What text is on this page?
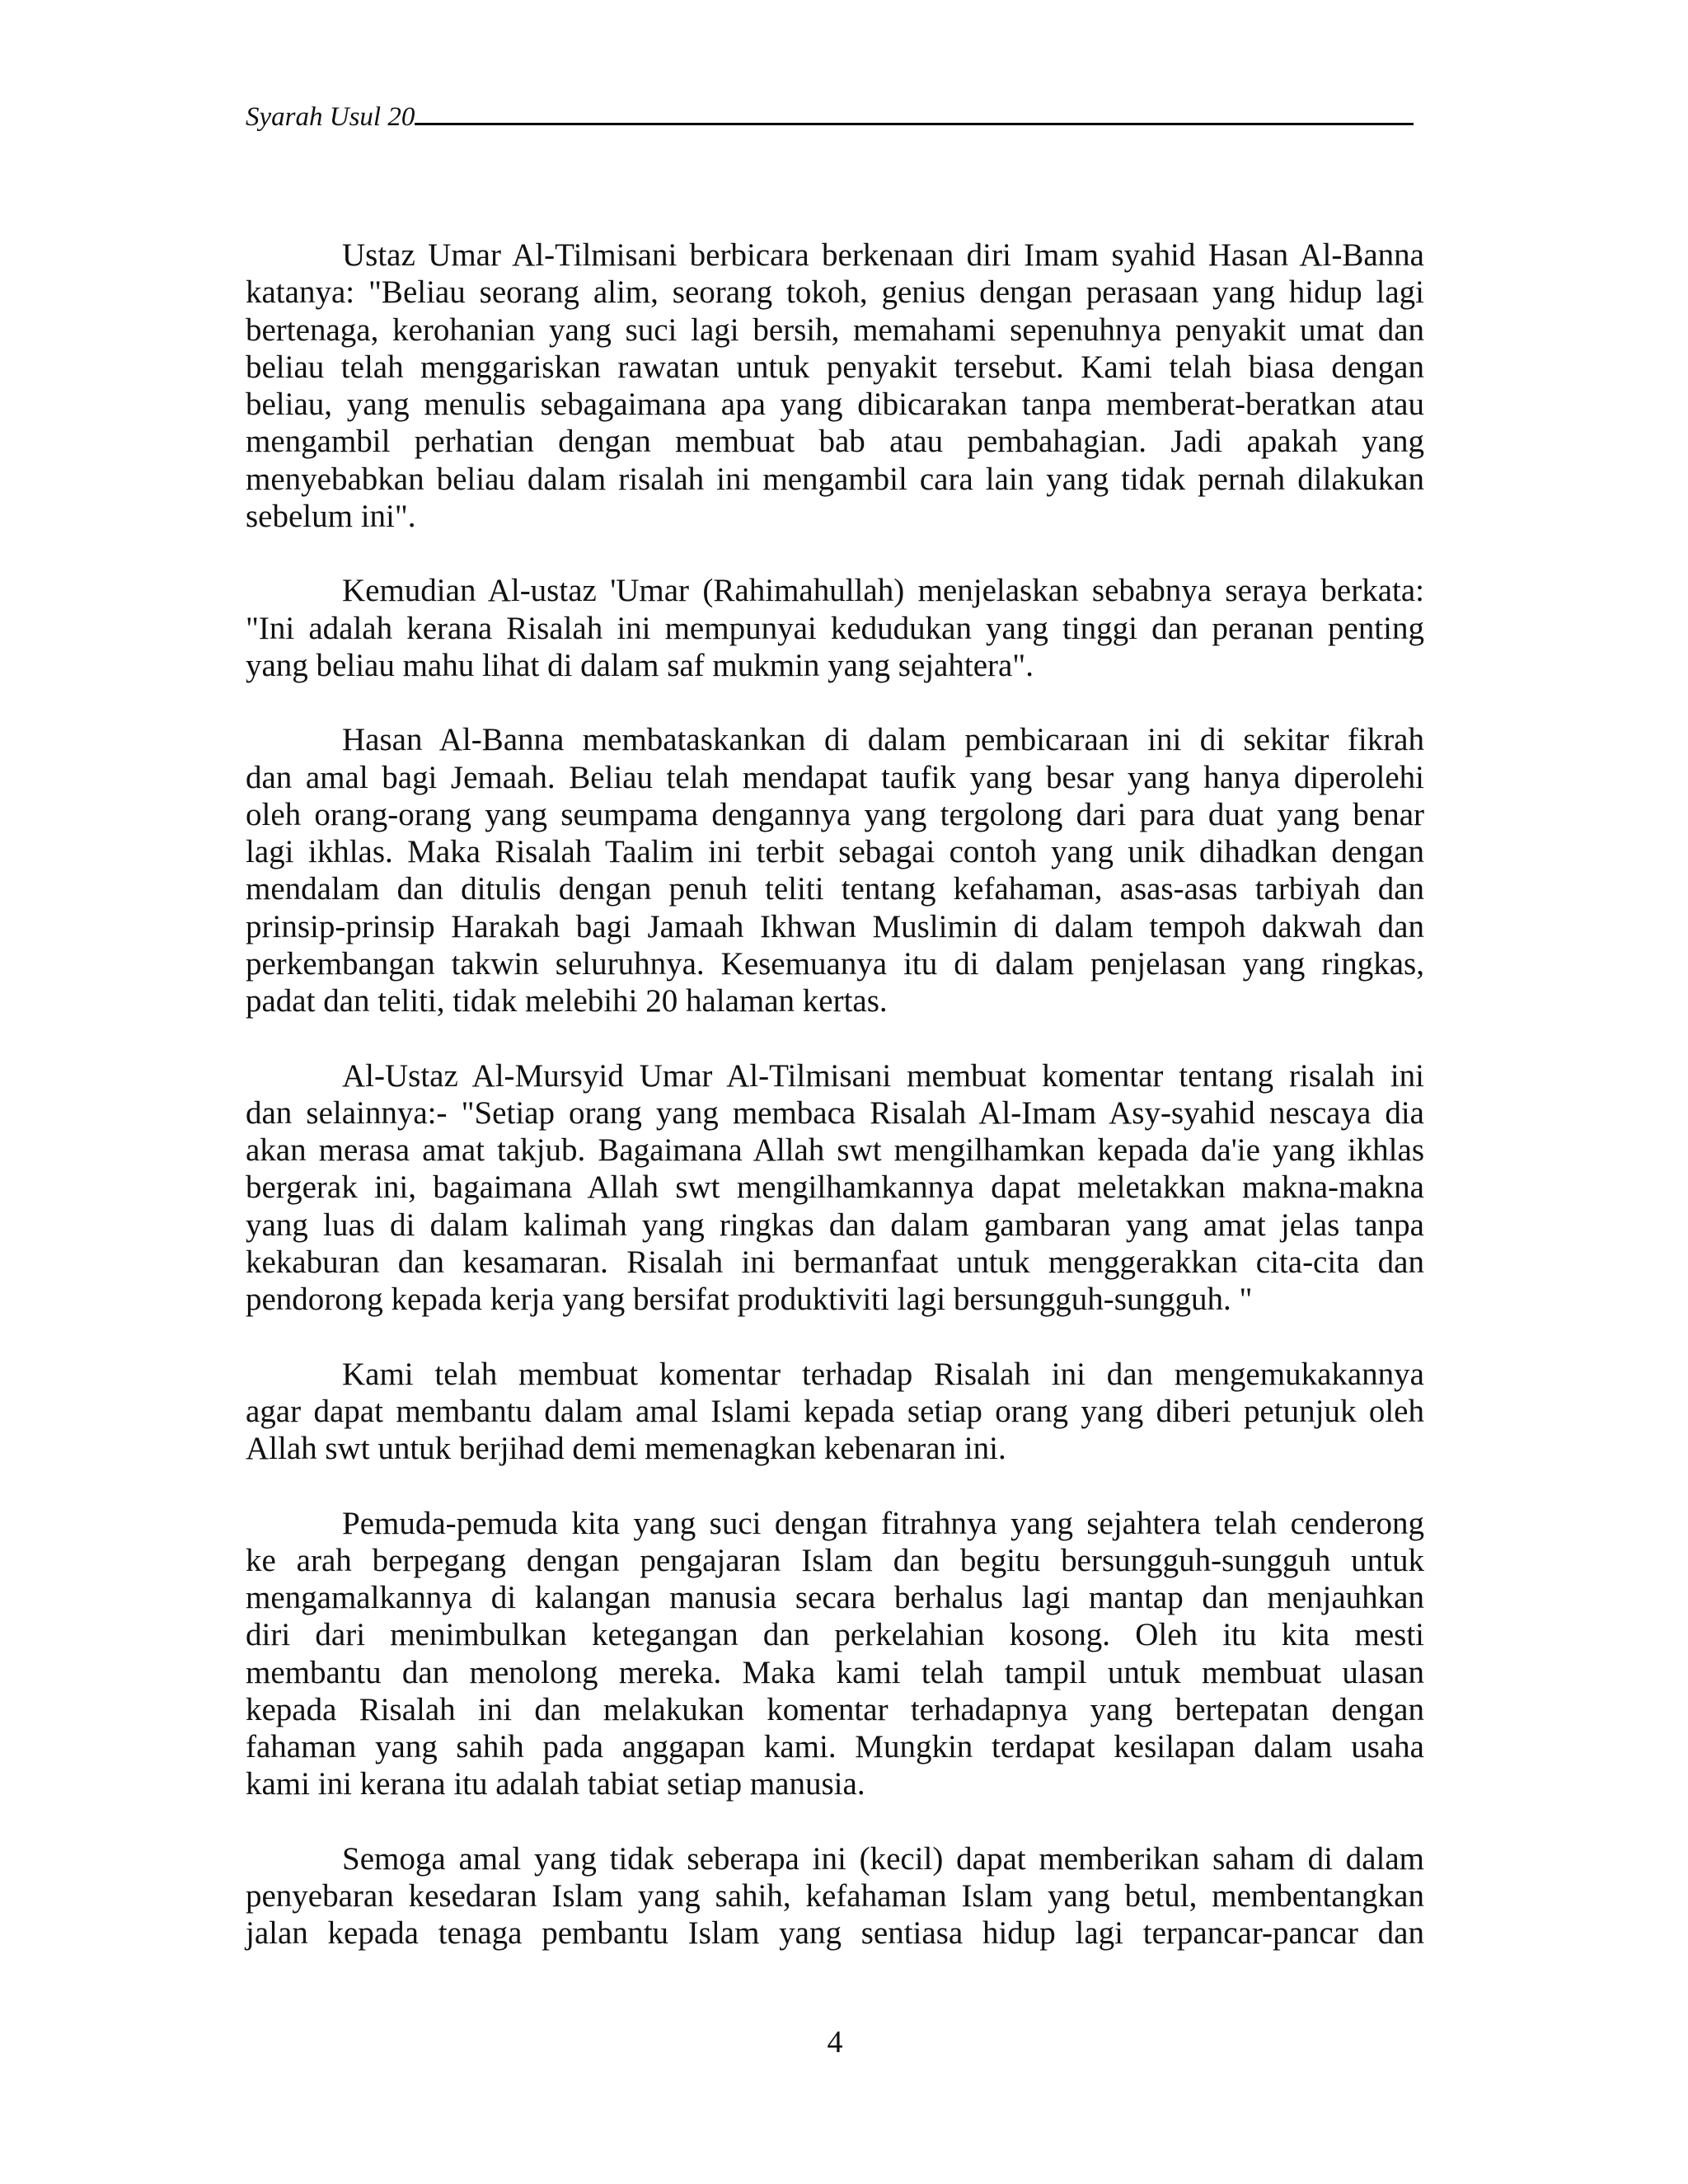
Syarah Usul 20
Ustaz Umar Al-Tilmisani berbicara berkenaan diri Imam syahid Hasan Al-Banna
katanya: "Beliau seorang alim, seorang tokoh, genius dengan perasaan yang hidup lagi
bertenaga, kerohanian yang suci lagi bersih, memahami sepenuhnya penyakit umat dan
beliau telah menggariskan rawatan untuk penyakit tersebut. Kami telah biasa dengan
beliau, yang menulis sebagaimana apa yang dibicarakan tanpa memberat-beratkan atau
mengambil perhatian dengan membuat bab atau pembahagian. Jadi apakah yang
menyebabkan beliau dalam risalah ini mengambil cara lain yang tidak pernah dilakukan
sebelum ini".
Kemudian Al-ustaz 'Umar (Rahimahullah) menjelaskan sebabnya seraya berkata:
"Ini adalah kerana Risalah ini mempunyai kedudukan yang tinggi dan peranan penting
yang beliau mahu lihat di dalam saf mukmin yang sejahtera".
Hasan Al-Banna membataskankan di dalam pembicaraan ini di sekitar fikrah
dan amal bagi Jemaah. Beliau telah mendapat taufik yang besar yang hanya diperolehi
oleh orang-orang yang seumpama dengannya yang tergolong dari para duat yang benar
lagi ikhlas. Maka Risalah Taalim ini terbit sebagai contoh yang unik dihadkan dengan
mendalam dan ditulis dengan penuh teliti tentang kefahaman, asas-asas tarbiyah dan
prinsip-prinsip Harakah bagi Jamaah Ikhwan Muslimin di dalam tempoh dakwah dan
perkembangan takwin seluruhnya. Kesemuanya itu di dalam penjelasan yang ringkas,
padat dan teliti, tidak melebihi 20 halaman kertas.
Al-Ustaz Al-Mursyid Umar Al-Tilmisani membuat komentar tentang risalah ini
dan selainnya:- "Setiap orang yang membaca Risalah Al-Imam Asy-syahid nescaya dia
akan merasa amat takjub. Bagaimana Allah swt mengilhamkan kepada da'ie yang ikhlas
bergerak ini, bagaimana Allah swt mengilhamkannya dapat meletakkan makna-makna
yang luas di dalam kalimah yang ringkas dan dalam gambaran yang amat jelas tanpa
kekaburan dan kesamaran. Risalah ini bermanfaat untuk menggerakkan cita-cita dan
pendorong kepada kerja yang bersifat produktiviti lagi bersungguh-sungguh. "
Kami telah membuat komentar terhadap Risalah ini dan mengemukakannya
agar dapat membantu dalam amal Islami kepada setiap orang yang diberi petunjuk oleh
Allah swt untuk berjihad demi memenagkan kebenaran ini.
Pemuda-pemuda kita yang suci dengan fitrahnya yang sejahtera telah cenderong
ke arah berpegang dengan pengajaran Islam dan begitu bersungguh-sungguh untuk
mengamalkannya di kalangan manusia secara berhalus lagi mantap dan menjauhkan
diri dari menimbulkan ketegangan dan perkelahian kosong. Oleh itu kita mesti
membantu dan menolong mereka. Maka kami telah tampil untuk membuat ulasan
kepada Risalah ini dan melakukan komentar terhadapnya yang bertepatan dengan
fahaman yang sahih pada anggapan kami. Mungkin terdapat kesilapan dalam usaha
kami ini kerana itu adalah tabiat setiap manusia.
Semoga amal yang tidak seberapa ini (kecil) dapat memberikan saham di dalam
penyebaran kesedaran Islam yang sahih, kefahaman Islam yang betul, membentangkan
jalan kepada tenaga pembantu Islam yang sentiasa hidup lagi terpancar-pancar dan
4
